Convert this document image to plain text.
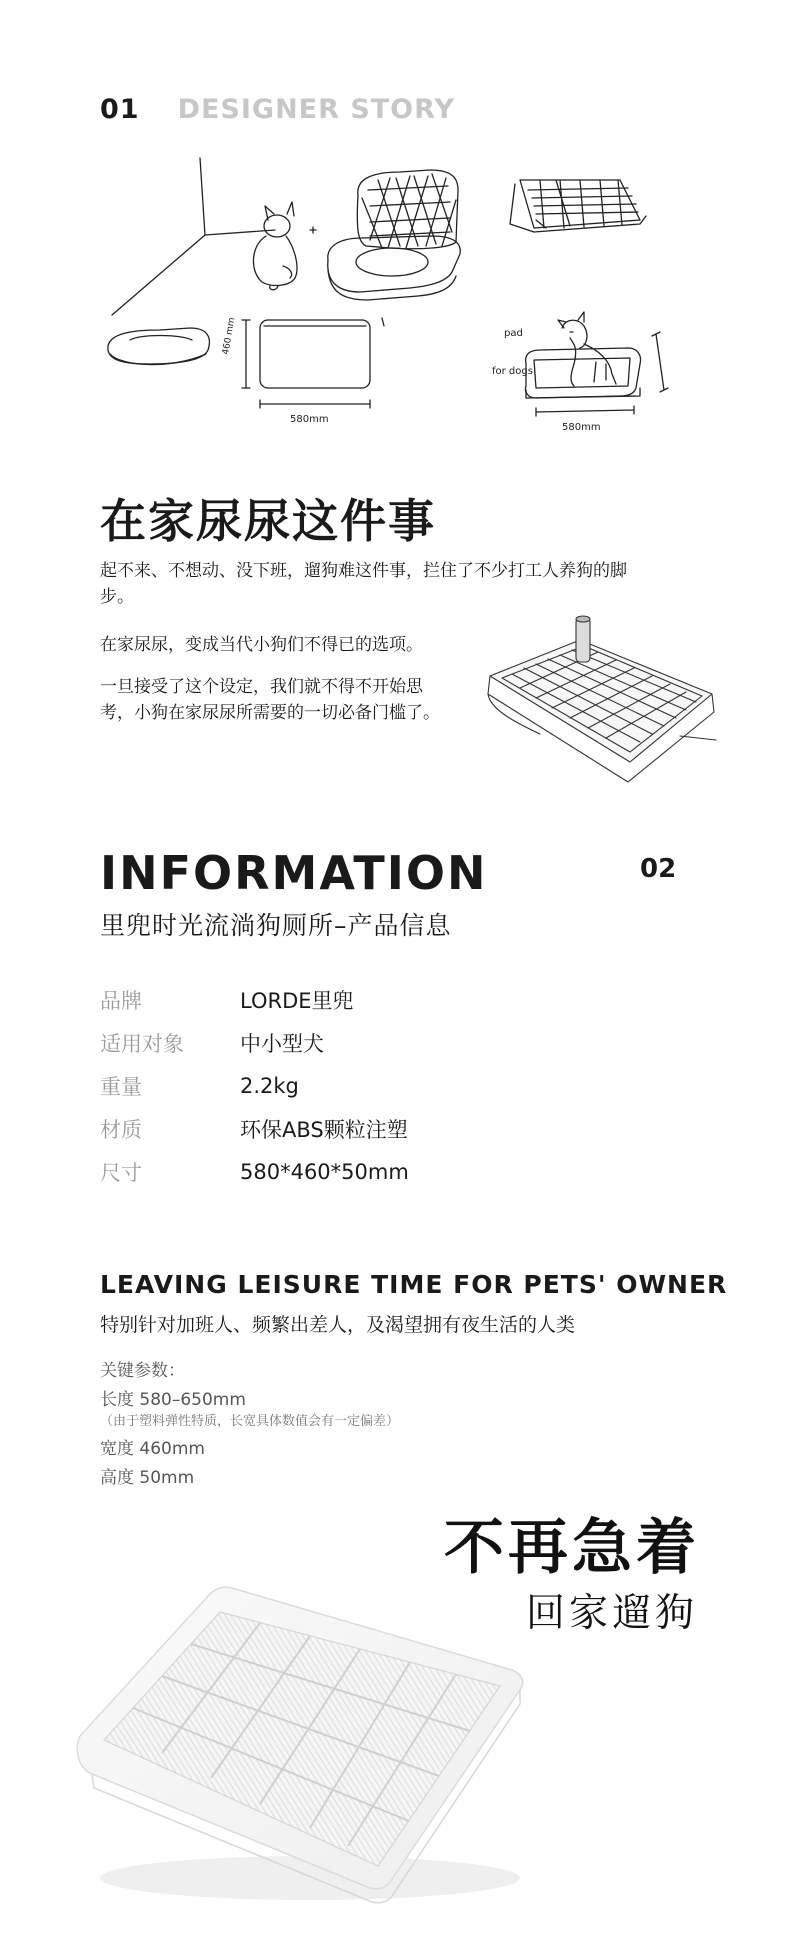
01 DESIGNER STORY
460 mm
580mm
pad
for dogs
580mm
在家尿尿这件事
起不来、不想动、没下班，遛狗难这件事，拦住了不少打工人养狗的脚步。
在家尿尿，变成当代小狗们不得已的选项。
一旦接受了这个设定，我们就不得不开始思考，小狗在家尿尿所需要的一切必备门槛了。
INFORMATION	02
里兜时光流淌狗厕所–产品信息
品牌	LORDE里兜
适用对象	中小型犬
重量	2.2kg
材质	环保ABS颗粒注塑
尺寸	580*460*50mm
LEAVING LEISURE TIME FOR PETS' OWNER
特别针对加班人、频繁出差人，及渴望拥有夜生活的人类
关键参数：
长度 580–650mm
（由于塑料弹性特质，长宽具体数值会有一定偏差）
宽度 460mm
高度 50mm
不再急着
回家遛狗
